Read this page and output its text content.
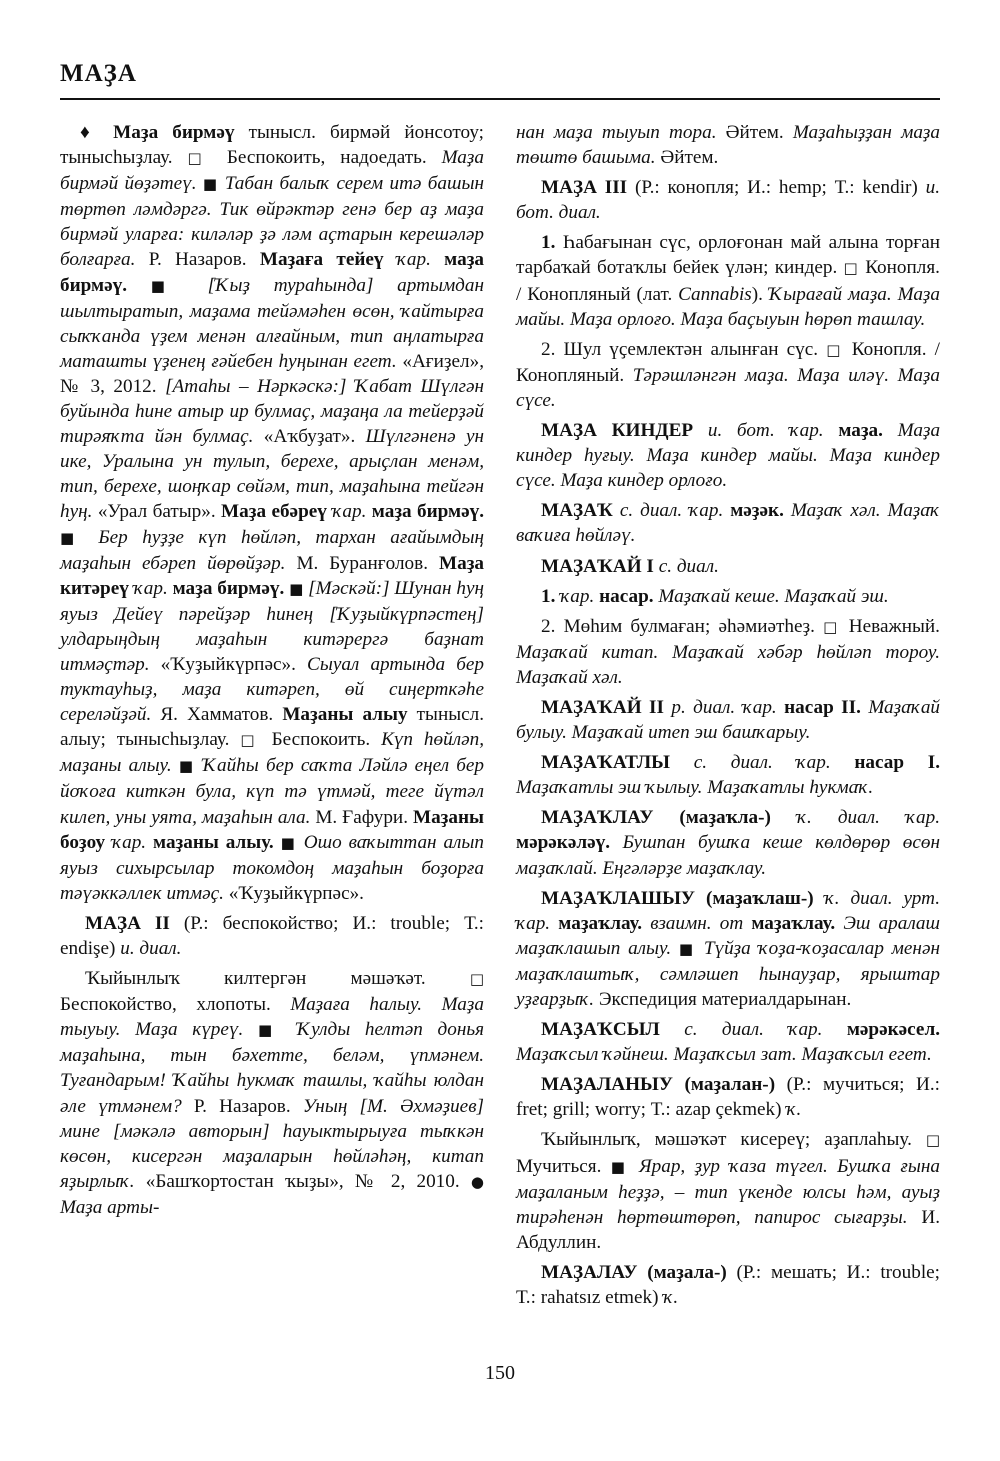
МАҘА

♦ Маҙа бирмәү тынысл. бирмәй йонсотоу; тынысһыҙлау. □ Беспокоить, надоедать. Маҙа бирмәй йөҙәтеү. ■ Табан балыҡ серем итә башын төртөп ләмдәргә. Тик өйрәктәр генә бер аҙ маҙа бирмәй уларға: киләләр ҙә ләм аҫтарын керешәләр болғарға. Р. Назаров. Маҙаға тейеү ҡар. маҙа бирмәү. ■ [Ҡыҙ тураһында] артымдан шылтыратып, маҙама тейәмәһен өсөн, ҡайтырға сыҡҡанда үҙем менән алғайным, тип аңлатырға маташты үҙенең ғәйебен һуңынан егет. «Ағиҙел», № 3, 2012. [Атаһы – Нәркәскә:] Ҡабат Шүлгән буйында һине атыр ир булмаҫ, маҙаңа ла тейерҙәй тирәяҡта йән булмаҫ. «Аҡбуҙат». Шүлгәненә ун ике, Уралына ун тулып, берехе, арыҫлан менәм, тип, берехе, шоңҡар сөйәм, тип, маҙаһына тейгән һуң. «Урал батыр». Маҙа ебәреү ҡар. маҙа бирмәү. ■ Бер һуҙҙе күп һөйләп, тархан ағайымдың маҙаһын ебәреп йөрөйҙәр. М. Буранғолов. Маҙа китәреү ҡар. маҙа бирмәү. ■ [Мәскәй:] Шунан һуң яуыз Дейеү пәрейҙәр һинең [Ҡуҙыйкүрпәстең] улдарыңдың маҙаһын китәрергә баҙнат итмәҫтәр. «Ҡуҙыйкүрпәс». Сыуал артында бер туктауһыҙ, маҙа китәреп, өй сиңерткәһе сереләйҙәй. Я. Хамматов. Маҙаны алыу тынысл. алыу; тынысһыҙлау. □ Беспокоить. Күп һөйләп, маҙаны алыу. ■ Ҡайһы бер саҡта Ләйлә еңел бер йоҡоға киткән була, күп тә үтмәй, теге йүтәл килеп, уны уята, маҙаһын ала. М. Ғафури. Маҙаны боҙоу ҡар. маҙаны алыу. ■ Ошо ваҡыттан алып яуыз сихырсылар токомдоң маҙаһын боҙорға тәүәккәллек итмәҫ. «Ҡуҙыйкүрпәс».

МАҘА II (Р.: беспокойство; И.: trouble; Т.: endişe) и. диал.

Ҡыйынлыҡ килтергән мәшәҡәт. □ Беспокойство, хлопоты. Маҙаға һалыу. Маҙа тыуыу. Маҙа күреү. ■ Ҡулды һелтәп донья маҙаһына, тын бәхетте, белә​м, үпмәнем. Туғандарым! Ҡайһы һукмаҡ ташлы, ҡайһы юлдан әле үтмәнем? Р. Назаров. Уның [М. Әхмәҙиев] мине [мәкәлә авторын] һауыктырыуға тыҡкән көсөн, кисергән маҙаларын һөйләһәң, китап яҙырлыҡ. «Башҡортостан ҡыҙы», № 2, 2010. ● Маҙа арты-

нан маҙа тыуып тора. Әйтем. Маҙаһыҙҙан маҙа төштө башыма. Әйтем.

МАҘА III (Р.: конопля; И.: hemp; Т.: kendir) и. бот. диал.

1. Һабағынан сүс, орлоғонан май алына торған тарбаҡай ботаҡлы бейек үлән; киндер. □ Конопля. / Конопляный (лат. Cannabis). Ҡырағай маҙа. Маҙа майы. Маҙа орлоғо. Маҙа баҫыуын һөрөп ташлау.

2. Шул үҫемлектән алынған сүс. □ Конопля. / Конопляный. Тәрәшләнгән маҙа. Маҙа иләү. Маҙа сүсе.

МАҘА КИНДЕР и. бот. ҡар. маҙа. Маҙа киндер һуғыу. Маҙа киндер майы. Маҙа киндер сүсе. Маҙа киндер орлоғо.

МАҘАҠ с. диал. ҡар. мәҙәк. Маҙаҡ хәл. Маҙаҡ ваҡиға һөйләү.

МАҘАҠАЙ I с. диал.

1. ҡар. насар. Маҙаҡай кеше. Маҙаҡай эш.

2. Мөһим булмаған; әһәмиәтһеҙ. □ Неважный. Маҙаҡай китап. Маҙаҡай хәбәр һөйләп тороу. Маҙаҡай хәл.

МАҘАҠАЙ II р. диал. ҡар. насар II. Маҙаҡай булыу. Маҙаҡай итеп эш башҡарыу.

МАҘАҠАТЛЫ с. диал. ҡар. насар I. Маҙаҡатлы эш ҡылыу. Маҙаҡатлы һукмаҡ.

МАҘАҠЛАУ (маҙаҡла-) ҡ. диал. ҡар. мәрәкәләү. Бушпан бушҡа кеше көлдөрөр өсөн маҙаҡлай. Еңгәләрҙе маҙаҡлау.

МАҘАҠЛАШЫУ (маҙаҡлаш-) ҡ. диал. урт. ҡар. маҙаҡлау. взаимн. от маҙаҡлау. Эш аралаш маҙаҡлашып алыу. ■ Түйҙа ҡоҙа-ҡоҙасалар менән маҙаҡлаштыҡ, сәмләшеп һынауҙар, ярыштар уҙғарҙыҡ. Экспедиция материалдарынан.

МАҘАҠСЫЛ с. диал. ҡар. мәрәкәсел. Маҙаҡсыл ҡәйнеш. Маҙаҡсыл зат. Маҙаҡсыл егет.

МАҘАЛАНЫУ (маҙалан-) (Р.: мучиться; И.: fret; grill; worry; Т.: azap çekmek) ҡ.

Ҡыйынлыҡ, мәшәҡәт кисереү; аҙаплаһыу. □ Мучиться. ■ Ярар, ҙур ҡаза түгел. Бушҡа ғына маҙаланым һеҙҙә, – тип үкенде юлсы һәм, ауыҙ тирәһенән һөртөштөрөп, папирос сығарҙы. И. Абдуллин.

МАҘАЛАУ (маҙала-) (Р.: мешать; И.: trouble; Т.: rahatsız etmek) ҡ.

150
